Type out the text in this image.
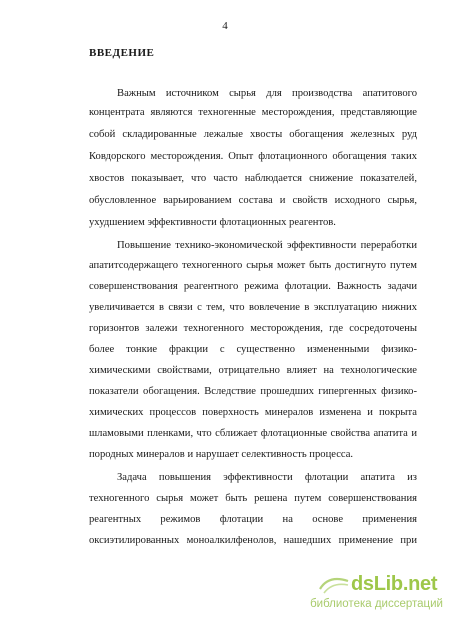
4
ВВЕДЕНИЕ
Важным источником сырья для производства апатитового
концентрата являются техногенные месторождения, представляющие
собой складированные лежалые хвосты обогащения железных руд
Ковдорского месторождения. Опыт флотационного обогащения таких
хвостов показывает, что часто наблюдается снижение показателей,
обусловленное варьированием состава и свойств исходного сырья,
ухудшением эффективности флотационных реагентов.
Повышение технико-экономической эффективности переработки
апатитсодержащего техногенного сырья может быть достигнуто путем
совершенствования реагентного режима флотации. Важность задачи
увеличивается в связи с тем, что вовлечение в эксплуатацию нижних
горизонтов залежи техногенного месторождения, где сосредоточены
более тонкие фракции с существенно измененными физико-
химическими свойствами, отрицательно влияет на технологические
показатели обогащения. Вследствие прошедших гипергенных физико-
химических процессов поверхность минералов изменена и покрыта
шламовыми пленками, что сближает флотационные свойства апатита и
породных минералов и нарушает селективность процесса.
Задача повышения эффективности флотации апатита из
техногенного сырья может быть решена путем совершенствования
реагентных режимов флотации на основе применения
оксиэтилированных моноалкилфенолов, нашедших применение при
dsLib.net
библиотека диссертаций
